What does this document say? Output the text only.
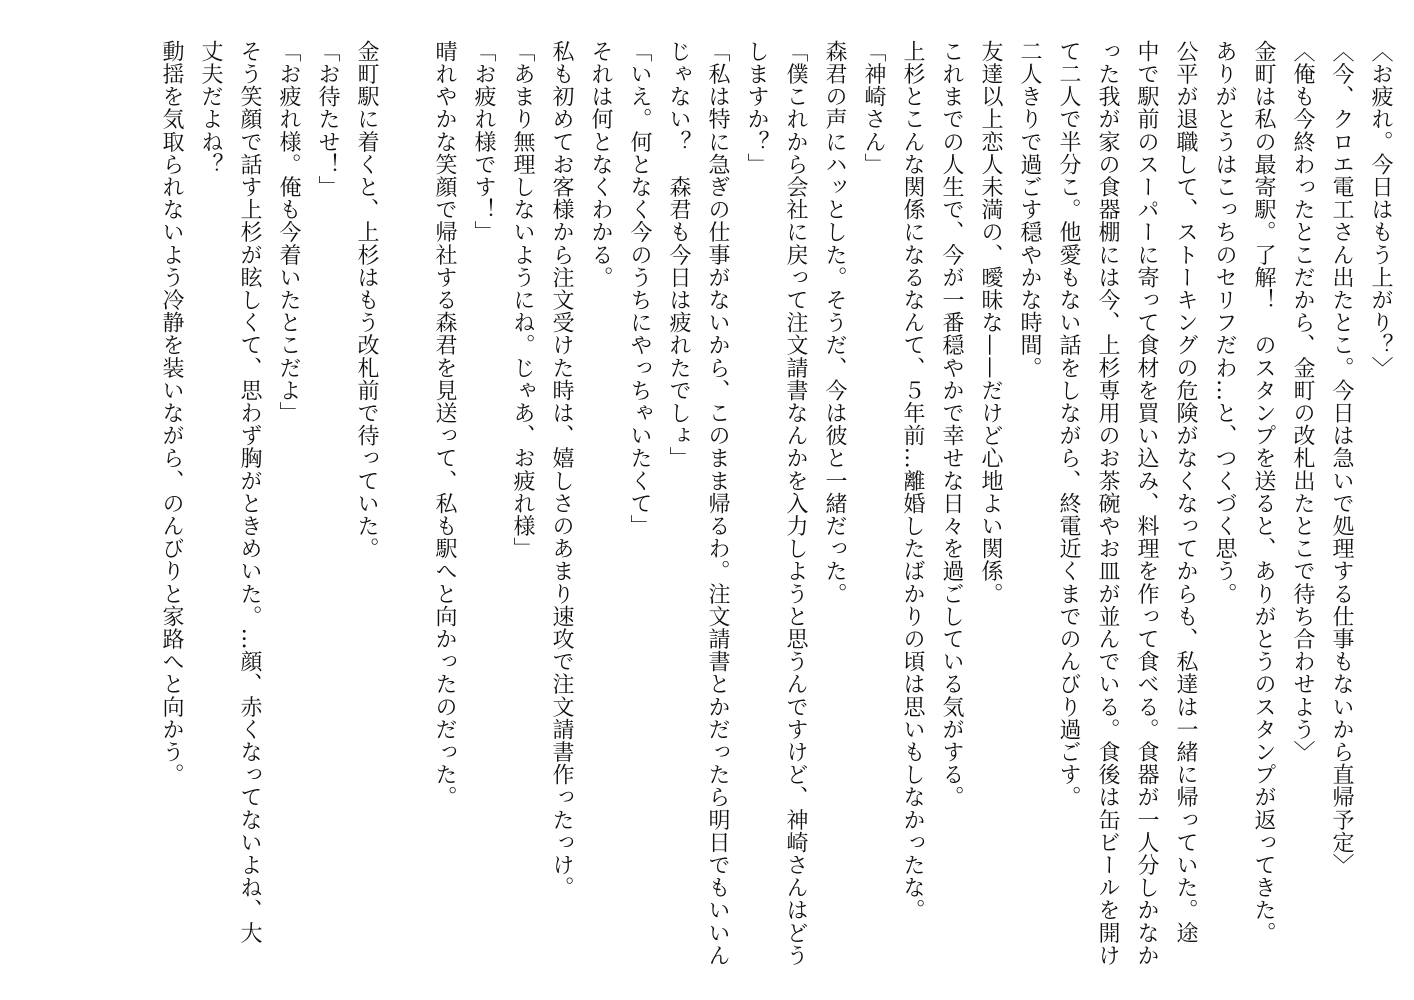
〈お疲れ。今日はもう上がり？〉
〈今、クロエ電工さん出たとこ。今日は急いで処理する仕事もないから直帰予定〉
〈俺も今終わったとこだから、金町の改札出たとこで待ち合わせよう〉
金町は私の最寄駅。了解！　のスタンプを送ると、ありがとうのスタンプが返ってきた。
ありがとうはこっちのセリフだわ…と、つくづく思う。
公平が退職して、ストーキングの危険がなくなってからも、私達は一緒に帰っていた。途
中で駅前のスーパーに寄って食材を買い込み、料理を作って食べる。食器が一人分しかなか
った我が家の食器棚には今、上杉専用のお茶碗やお皿が並んでいる。食後は缶ビールを開け
て二人で半分こ。他愛もない話をしながら、終電近くまでのんびり過ごす。
二人きりで過ごす穏やかな時間。
友達以上恋人未満の、曖昧な——だけど心地よい関係。
これまでの人生で、今が一番穏やかで幸せな日々を過ごしている気がする。
上杉とこんな関係になるなんて、５年前…離婚したばかりの頃は思いもしなかったな。
「神崎さん」
森君の声にハッとした。そうだ、今は彼と一緒だった。
「僕これから会社に戻って注文請書なんかを入力しようと思うんですけど、神崎さんはどう
しますか？」
「私は特に急ぎの仕事がないから、このまま帰るわ。注文請書とかだったら明日でもいいん
じゃない？　森君も今日は疲れたでしょ」
「いえ。何となく今のうちにやっちゃいたくて」
それは何となくわかる。
私も初めてお客様から注文受けた時は、嬉しさのあまり速攻で注文請書作ったっけ。
「あまり無理しないようにね。じゃあ、お疲れ様」
「お疲れ様です！」
晴れやかな笑顔で帰社する森君を見送って、私も駅へと向かったのだった。
金町駅に着くと、上杉はもう改札前で待っていた。
「お待たせ！」
「お疲れ様。俺も今着いたとこだよ」
そう笑顔で話す上杉が眩しくて、思わず胸がときめいた。…顔、赤くなってないよね、大
丈夫だよね？
動揺を気取られないよう冷静を装いながら、のんびりと家路へと向かう。
